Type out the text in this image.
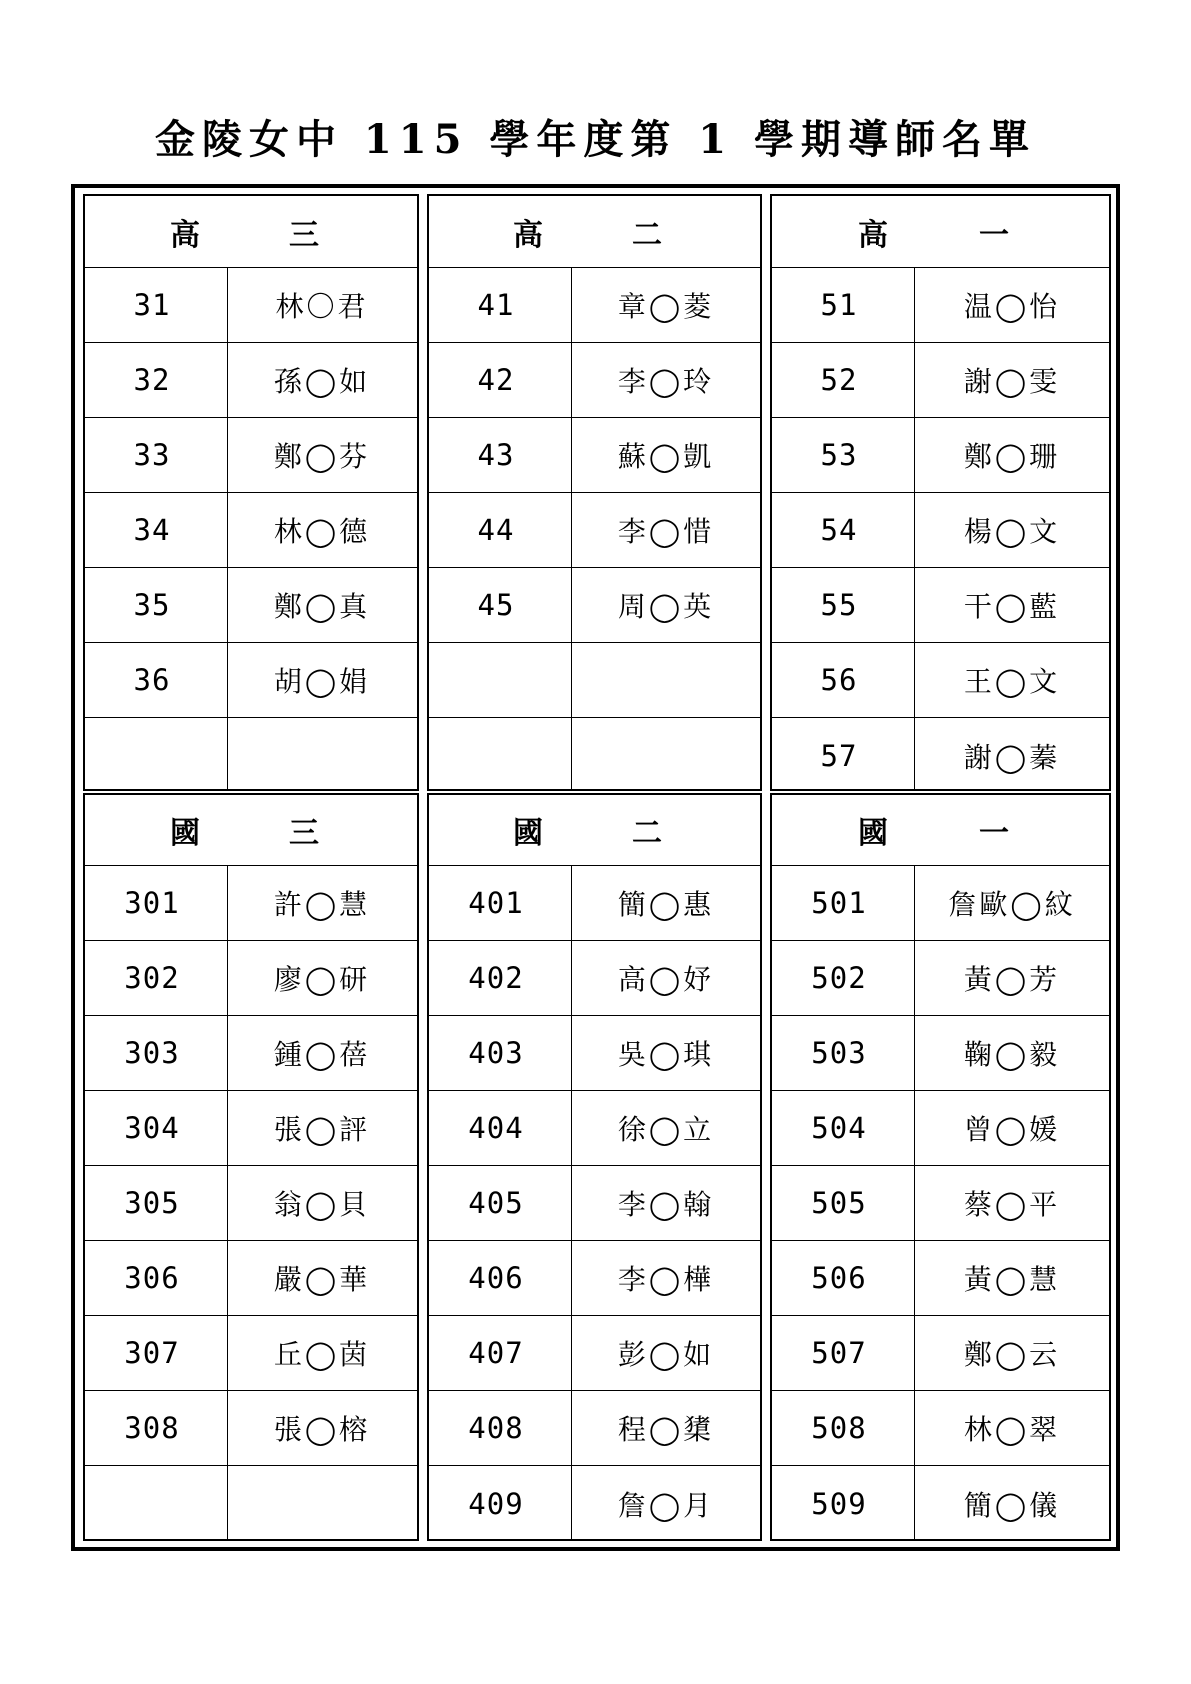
金陵女中 115 學年度第 1 學期導師名單
高	三
31	林〇君
32	孫◯如
33	鄭◯芬
34	林◯德
35	鄭◯真
36	胡◯娟
高	二
41	章◯菱
42	李◯玲
43	蘇◯凱
44	李◯惜
45	周◯英
高	一
51	温◯怡
52	謝◯雯
53	鄭◯珊
54	楊◯文
55	干◯藍
56	王◯文
57	謝◯蓁
國	三
301	許◯慧
302	廖◯研
303	鍾◯蓓
304	張◯評
305	翁◯貝
306	嚴◯華
307	丘◯茵
308	張◯榕
國	二
401	簡◯惠
402	高◯妤
403	吳◯琪
404	徐◯立
405	李◯翰
406	李◯樺
407	彭◯如
408	程◯橥
409	詹◯月
國	一
501	詹歐◯紋
502	黃◯芳
503	鞠◯毅
504	曾◯媛
505	蔡◯平
506	黃◯慧
507	鄭◯云
508	林◯翠
509	簡◯儀
